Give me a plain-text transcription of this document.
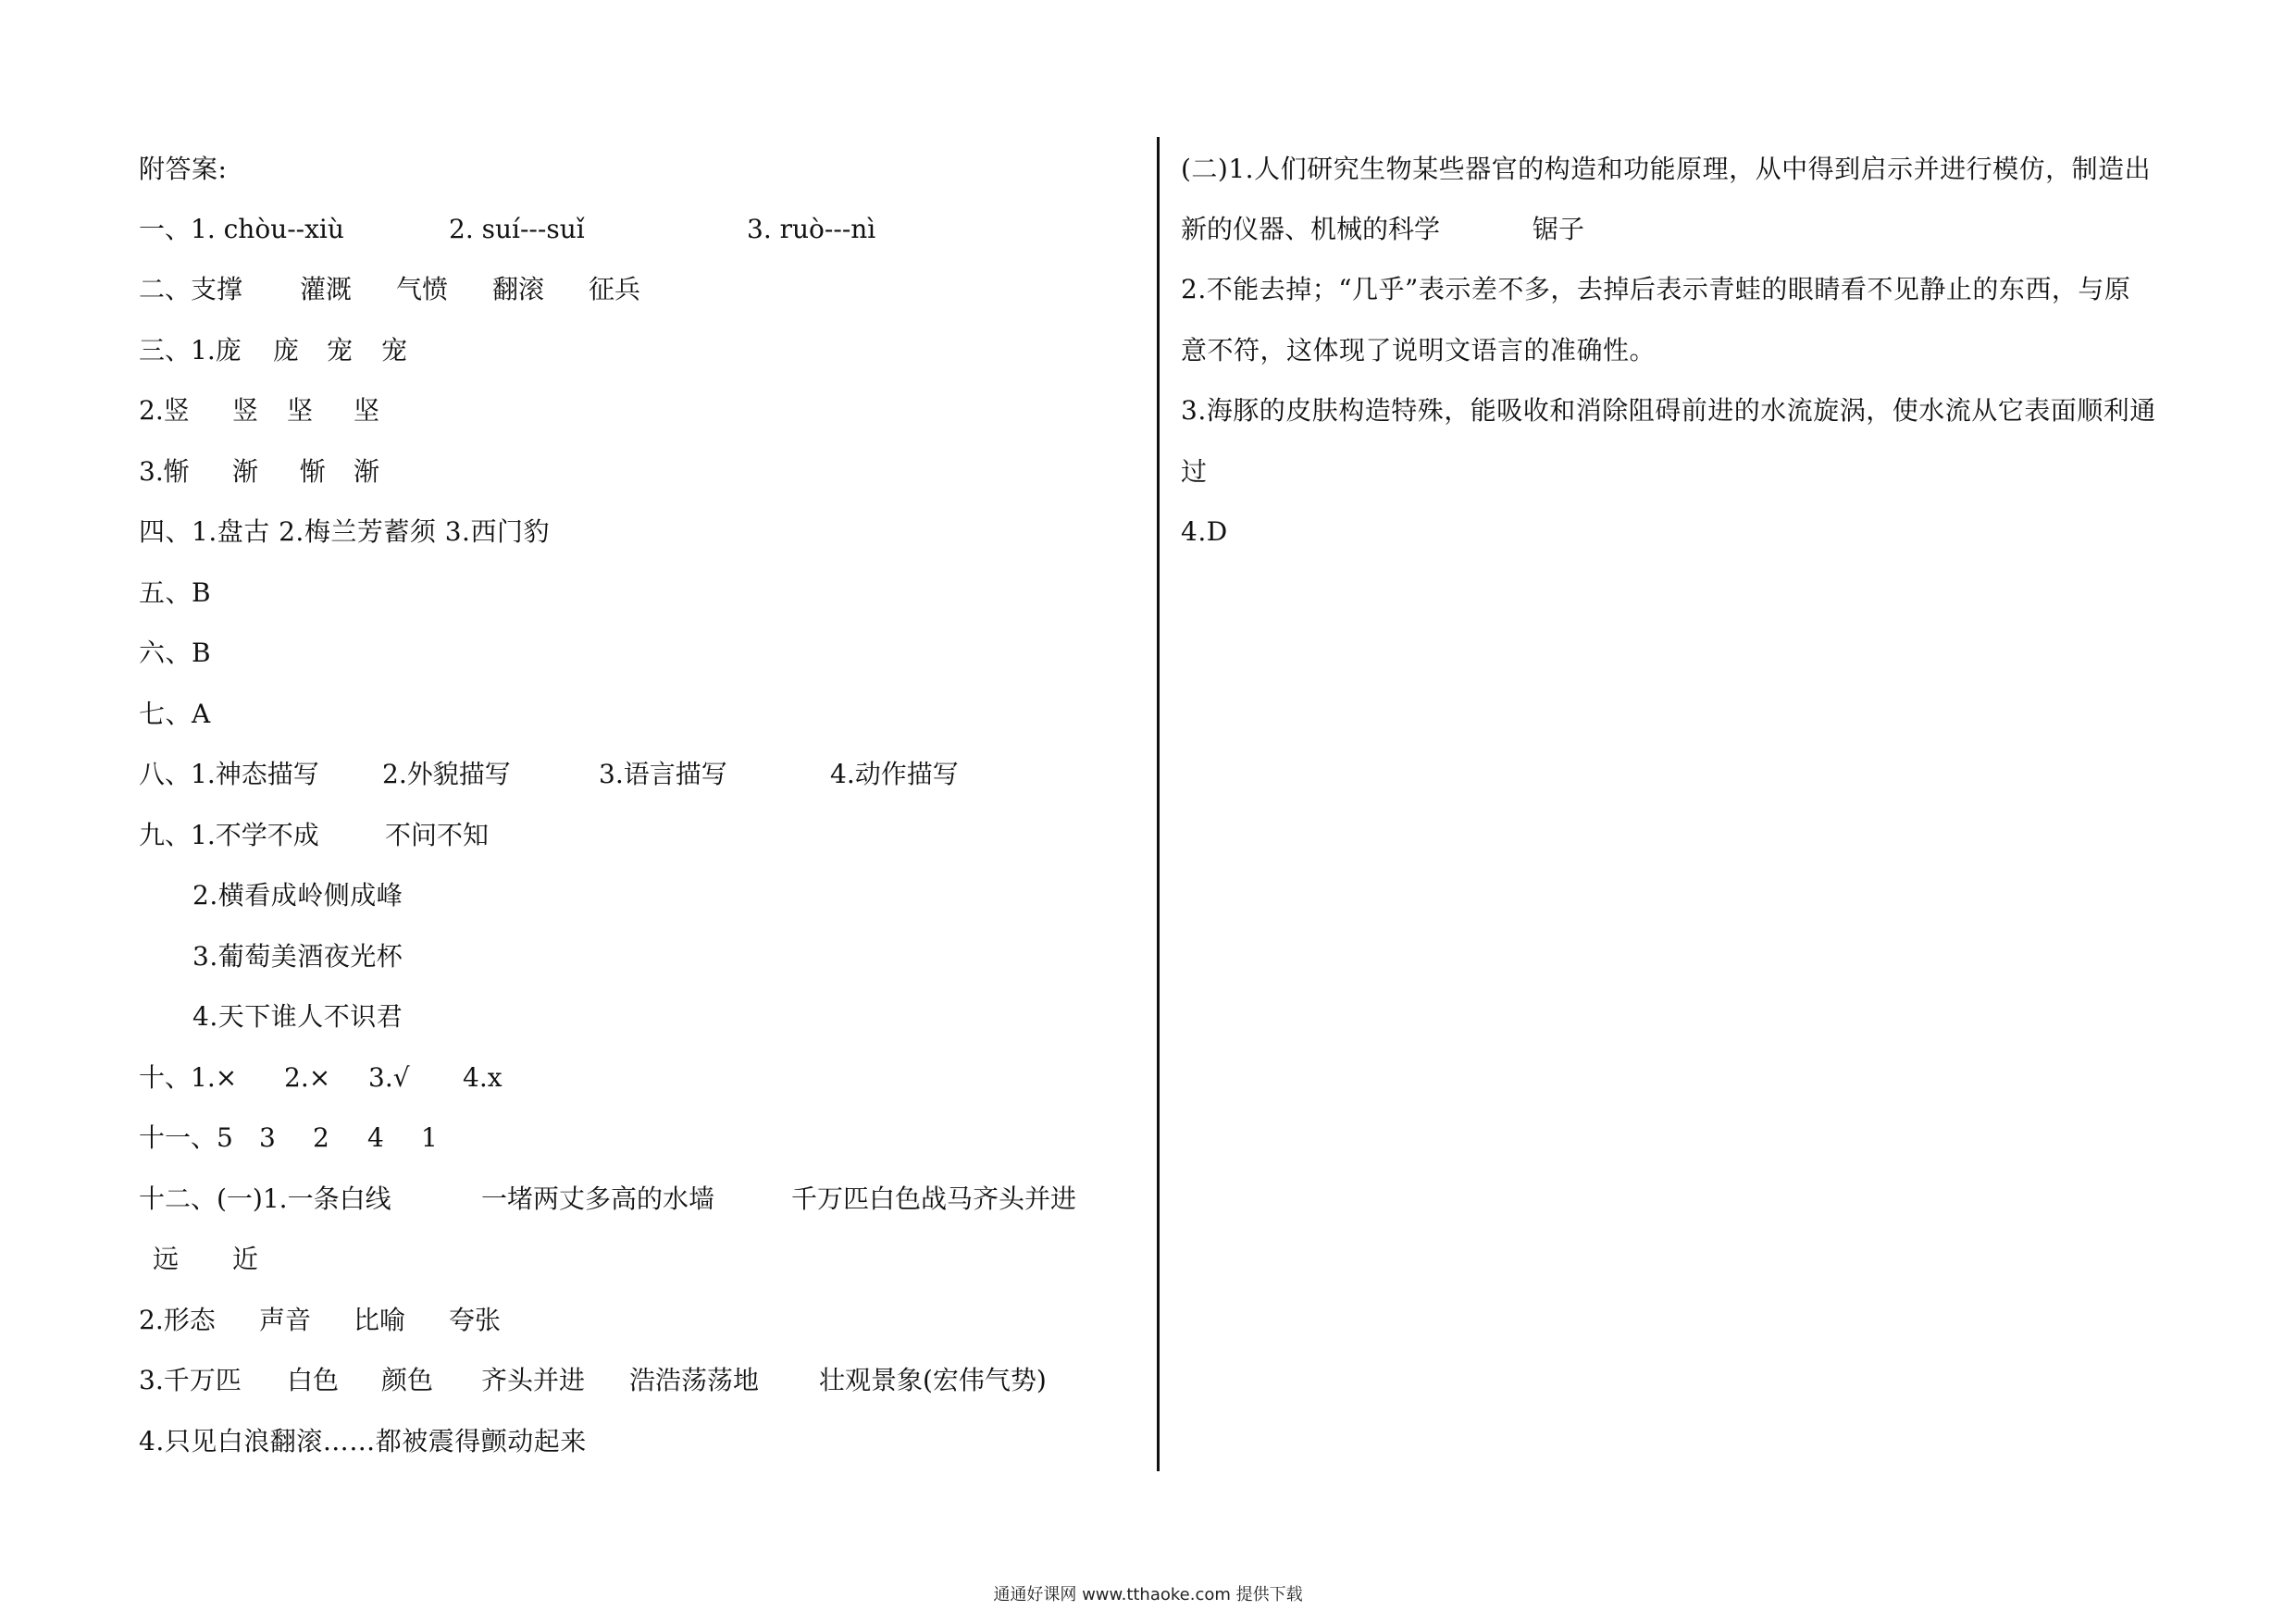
附答案:
一、1. chòu--xiù	2. suí---suǐ	3. ruò---nì
二、支撑 灌溉 气愤 翻滚 征兵
三、1.庞 庞 宠 宠
2.竖 竖 坚 坚
3.惭 渐 惭 渐
四、1.盘古 2.梅兰芳蓄须 3.西门豹
五、B
六、B
七、A
八、1.神态描写 2.外貌描写	3.语言描写	4.动作描写
九、1.不学不成	不问不知
2.横看成岭侧成峰
3.葡萄美酒夜光杯
4.天下谁人不识君
十、1.× 2.× 3.√ 4.x
十一、5 3 2 4 1
十二、(一)1.一条白线	一堵两丈多高的水墙	千万匹白色战马齐头并进
远 近
2.形态 声音 比喻 夸张
3.千万匹 白色 颜色 齐头并进 浩浩荡荡地 壮观景象(宏伟气势)
4.只见白浪翻滚……都被震得颤动起来
(二)1.人们研究生物某些器官的构造和功能原理，从中得到启示并进行模仿，制造出
新的仪器、机械的科学	锯子
2.不能去掉；“几乎”表示差不多，去掉后表示青蛙的眼睛看不见静止的东西，与原
意不符，这体现了说明文语言的准确性。
3.海豚的皮肤构造特殊，能吸收和消除阻碍前进的水流旋涡，使水流从它表面顺利通
过
4.D
通通好课网 www.tthaoke.com 提供下载
